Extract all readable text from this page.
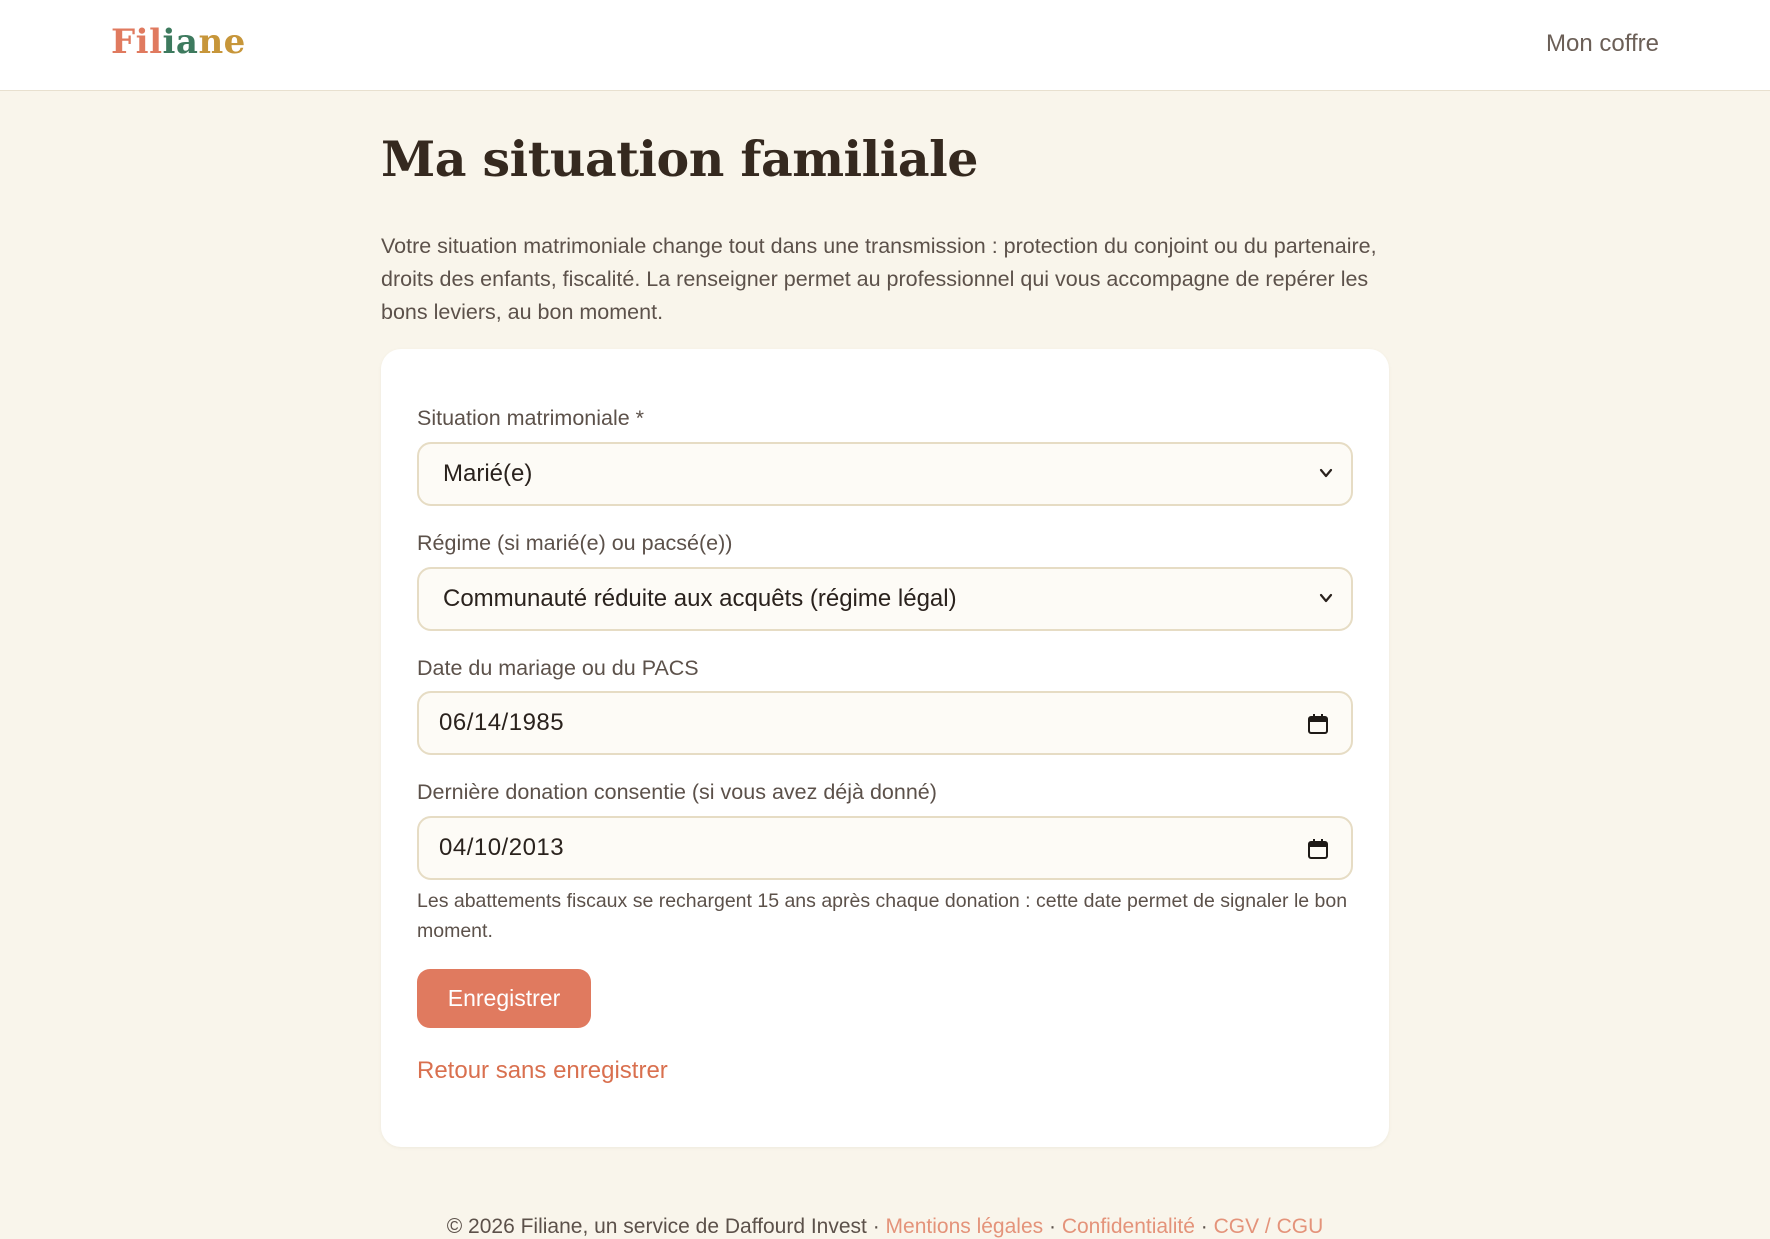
Filiane	Mon coffre
Ma situation familiale

Votre situation matrimoniale change tout dans une transmission : protection du conjoint ou du partenaire, droits des enfants, fiscalité. La renseigner permet au professionnel qui vous accompagne de repérer les bons leviers, au bon moment.

Situation matrimoniale *
Marié(e)
Régime (si marié(e) ou pacsé(e))
Communauté réduite aux acquêts (régime légal)
Date du mariage ou du PACS
06/14/1985
Dernière donation consentie (si vous avez déjà donné)
04/10/2013

Les abattements fiscaux se rechargent 15 ans après chaque donation : cette date permet de signaler le bon moment.

Enregistrer
Retour sans enregistrer
© 2026 Filiane, un service de Daffourd Invest · Mentions légales · Confidentialité · CGV / CGU
